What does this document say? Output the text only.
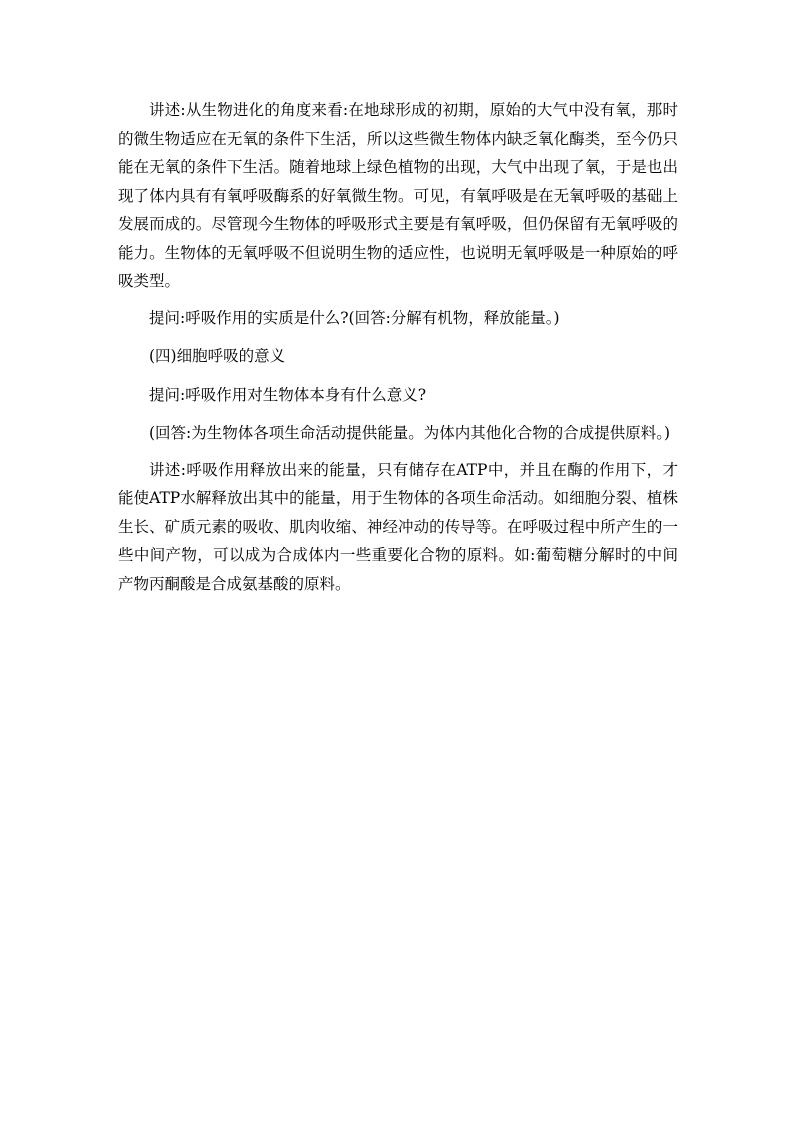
讲述:从生物进化的角度来看:在地球形成的初期，原始的大气中没有氧，那时的微生物适应在无氧的条件下生活，所以这些微生物体内缺乏氧化酶类，至今仍只能在无氧的条件下生活。随着地球上绿色植物的出现，大气中出现了氧，于是也出现了体内具有有氧呼吸酶系的好氧微生物。可见，有氧呼吸是在无氧呼吸的基础上发展而成的。尽管现今生物体的呼吸形式主要是有氧呼吸，但仍保留有无氧呼吸的能力。生物体的无氧呼吸不但说明生物的适应性，也说明无氧呼吸是一种原始的呼吸类型。

提问:呼吸作用的实质是什么?(回答:分解有机物，释放能量。)

(四)细胞呼吸的意义

提问:呼吸作用对生物体本身有什么意义?

(回答:为生物体各项生命活动提供能量。为体内其他化合物的合成提供原料。)

讲述:呼吸作用释放出来的能量，只有储存在ATP中，并且在酶的作用下，才能使ATP水解释放出其中的能量，用于生物体的各项生命活动。如细胞分裂、植株生长、矿质元素的吸收、肌肉收缩、神经冲动的传导等。在呼吸过程中所产生的一些中间产物，可以成为合成体内一些重要化合物的原料。如:葡萄糖分解时的中间产物丙酮酸是合成氨基酸的原料。
